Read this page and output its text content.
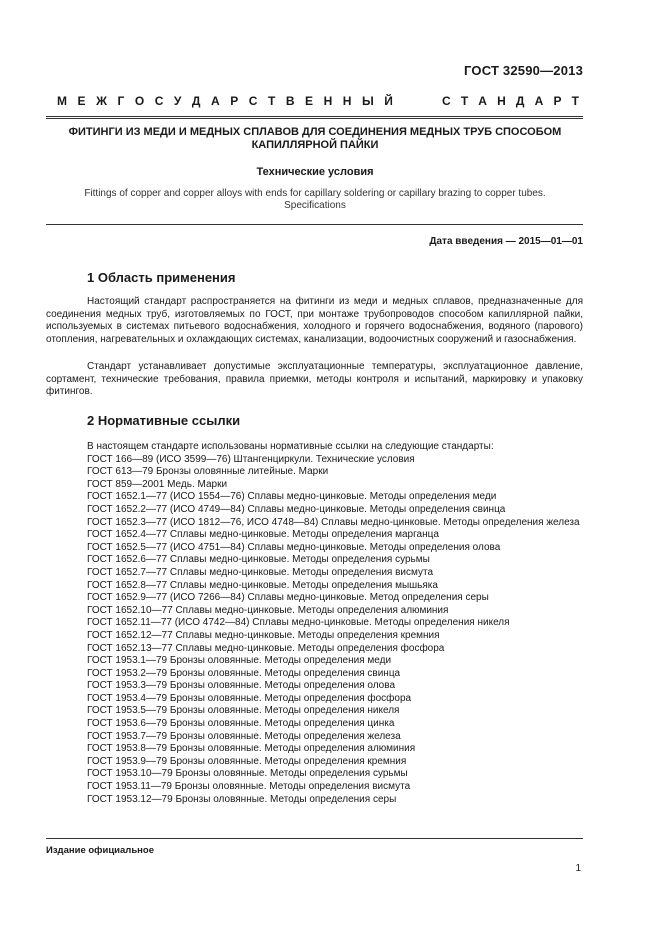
ГОСТ 32590—2013
М Е Ж Г О С У Д А Р С Т В Е Н Н Ы Й	С Т А Н Д А Р Т
ФИТИНГИ ИЗ МЕДИ И МЕДНЫХ СПЛАВОВ ДЛЯ СОЕДИНЕНИЯ МЕДНЫХ ТРУБ СПОСОБОМ
КАПИЛЛЯРНОЙ ПАЙКИ
Технические условия
Fittings of copper and copper alloys with ends for capillary soldering or capillary brazing to copper tubes.
Specifications
Дата введения — 2015—01—01
1 Область применения
Настоящий стандарт распространяется на фитинги из меди и медных сплавов, предназначенные для соединения медных труб, изготовляемых по ГОСТ, при монтаже трубопроводов способом капиллярной пайки, используемых в системах питьевого водоснабжения, холодного и горячего водоснабжения, водяного (парового) отопления, нагревательных и охлаждающих системах, канализации, водоочистных сооружений и газоснабжения.
Стандарт устанавливает допустимые эксплуатационные температуры, эксплуатационное давление, сортамент, технические требования, правила приемки, методы контроля и испытаний, маркировку и упаковку фитингов.
2 Нормативные ссылки
В настоящем стандарте использованы нормативные ссылки на следующие стандарты:
ГОСТ 166—89 (ИСО 3599—76) Штангенциркули. Технические условия
ГОСТ 613—79 Бронзы оловянные литейные. Марки
ГОСТ 859—2001 Медь. Марки
ГОСТ 1652.1—77 (ИСО 1554—76) Сплавы медно-цинковые. Методы определения меди
ГОСТ 1652.2—77 (ИСО 4749—84) Сплавы медно-цинковые. Методы определения свинца
ГОСТ 1652.3—77 (ИСО 1812—76, ИСО 4748—84) Сплавы медно-цинковые. Методы определения железа
ГОСТ 1652.4—77 Сплавы медно-цинковые. Методы определения марганца
ГОСТ 1652.5—77 (ИСО 4751—84) Сплавы медно-цинковые. Методы определения олова
ГОСТ 1652.6—77 Сплавы медно-цинковые. Методы определения сурьмы
ГОСТ 1652.7—77 Сплавы медно-цинковые. Методы определения висмута
ГОСТ 1652.8—77 Сплавы медно-цинковые. Методы определения мышьяка
ГОСТ 1652.9—77 (ИСО 7266—84) Сплавы медно-цинковые. Метод определения серы
ГОСТ 1652.10—77 Сплавы медно-цинковые. Методы определения алюминия
ГОСТ 1652.11—77 (ИСО 4742—84) Сплавы медно-цинковые. Методы определения никеля
ГОСТ 1652.12—77 Сплавы медно-цинковые. Методы определения кремния
ГОСТ 1652.13—77 Сплавы медно-цинковые. Методы определения фосфора
ГОСТ 1953.1—79 Бронзы оловянные. Методы определения меди
ГОСТ 1953.2—79 Бронзы оловянные. Методы определения свинца
ГОСТ 1953.3—79 Бронзы оловянные. Методы определения олова
ГОСТ 1953.4—79 Бронзы оловянные. Методы определения фосфора
ГОСТ 1953.5—79 Бронзы оловянные. Методы определения никеля
ГОСТ 1953.6—79 Бронзы оловянные. Методы определения цинка
ГОСТ 1953.7—79 Бронзы оловянные. Методы определения железа
ГОСТ 1953.8—79 Бронзы оловянные. Методы определения алюминия
ГОСТ 1953.9—79 Бронзы оловянные. Методы определения кремния
ГОСТ 1953.10—79 Бронзы оловянные. Методы определения сурьмы
ГОСТ 1953.11—79 Бронзы оловянные. Методы определения висмута
ГОСТ 1953.12—79 Бронзы оловянные. Методы определения серы
Издание официальное
1
